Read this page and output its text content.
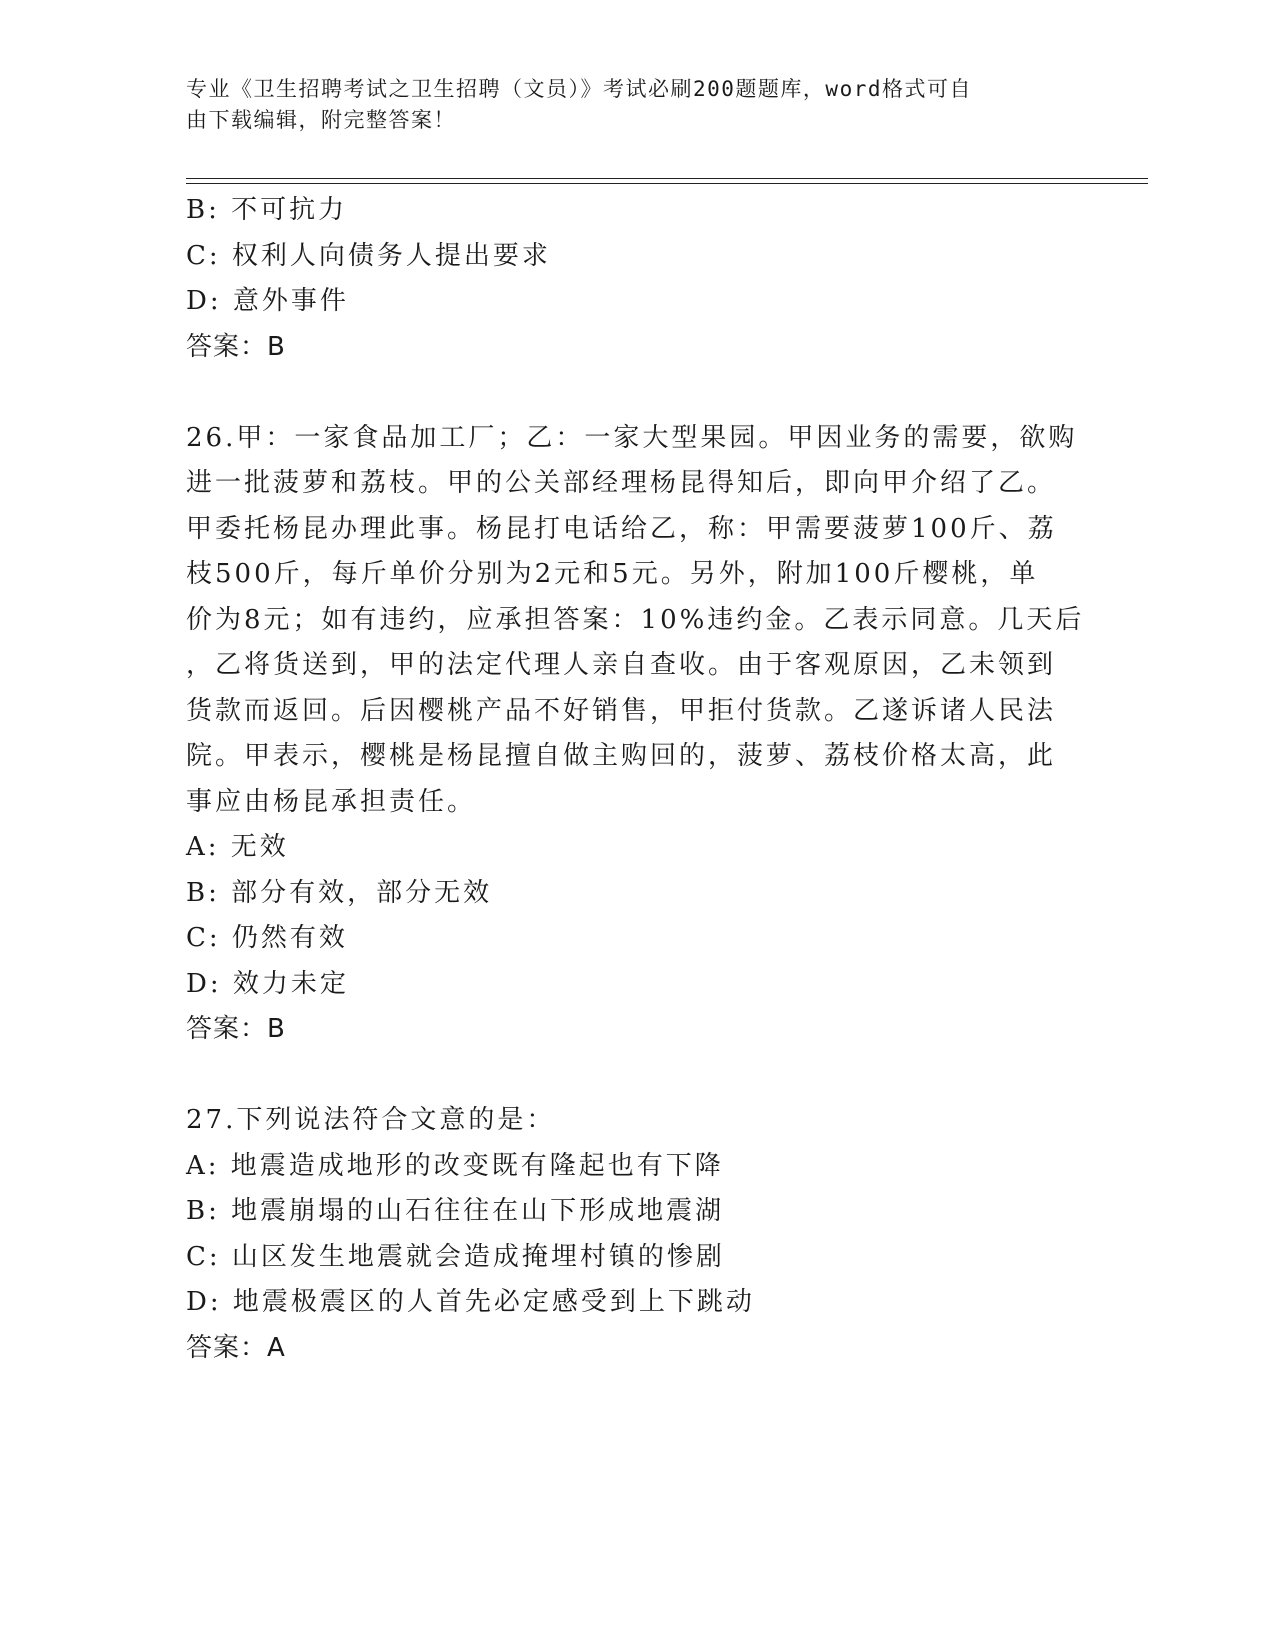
专业《卫生招聘考试之卫生招聘（文员）》考试必刷200题题库，word格式可自
由下载编辑，附完整答案！
B: 不可抗力
C: 权利人向债务人提出要求
D: 意外事件
答案：B
26.甲：一家食品加工厂；乙：一家大型果园。甲因业务的需要，欲购
进一批菠萝和荔枝。甲的公关部经理杨昆得知后，即向甲介绍了乙。
甲委托杨昆办理此事。杨昆打电话给乙，称：甲需要菠萝100斤、荔
枝500斤，每斤单价分别为2元和5元。另外，附加100斤樱桃，单
价为8元；如有违约，应承担答案：10%违约金。乙表示同意。几天后
，乙将货送到，甲的法定代理人亲自查收。由于客观原因，乙未领到
货款而返回。后因樱桃产品不好销售，甲拒付货款。乙遂诉诸人民法
院。甲表示，樱桃是杨昆擅自做主购回的，菠萝、荔枝价格太高，此
事应由杨昆承担责任。
A: 无效
B: 部分有效，部分无效
C: 仍然有效
D: 效力未定
答案：B
27.下列说法符合文意的是：
A: 地震造成地形的改变既有隆起也有下降
B: 地震崩塌的山石往往在山下形成地震湖
C: 山区发生地震就会造成掩埋村镇的惨剧
D: 地震极震区的人首先必定感受到上下跳动
答案：A
